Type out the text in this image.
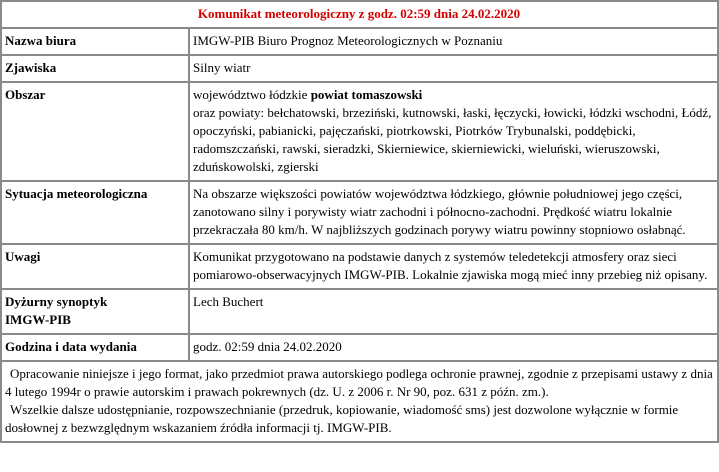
Komunikat meteorologiczny z godz. 02:59 dnia 24.02.2020	
Nazwa biura	IMGW-PIB Biuro Prognoz Meteorologicznych w Poznaniu
Zjawiska	Silny wiatr
Obszar	województwo łódzkie powiat tomaszowski
oraz powiaty: bełchatowski, brzeziński, kutnowski, łaski, łęczycki, łowicki, łódzki wschodni, Łódź, opoczyński, pabianicki, pajęczański, piotrkowski, Piotrków Trybunalski, poddębicki, radomszczański, rawski, sieradzki, Skierniewice, skierniewicki, wieluński, wieruszowski, zduńskowolski, zgierski

Sytuacja meteorologiczna	Na obszarze większości powiatów województwa łódzkiego, głównie południowej jego części, zanotowano silny i porywisty wiatr zachodni i północno-zachodni. Prędkość wiatru lokalnie przekraczała 80 km/h. W najbliższych godzinach porywy wiatru powinny stopniowo osłabnąć.
Uwagi	Komunikat przygotowano na podstawie danych z systemów teledetekcji atmosfery oraz sieci pomiarowo-obserwacyjnych IMGW-PIB. Lokalnie zjawiska mogą mieć inny przebieg niż opisany.

Dyżurny synoptyk
IMGW-PIB	Lech Buchert
Godzina i data wydania	godz. 02:59 dnia 24.02.2020

Opracowanie niniejsze i jego format, jako przedmiot prawa autorskiego podlega ochronie prawnej, zgodnie z przepisami ustawy z dnia 4 lutego 1994r o prawie autorskim i prawach pokrewnych (dz. U. z 2006 r. Nr 90, poz. 631 z późn. zm.).
Wszelkie dalsze udostępnianie, rozpowszechnianie (przedruk, kopiowanie, wiadomość sms) jest dozwolone wyłącznie w formie dosłownej z bezwzględnym wskazaniem źródła informacji tj. IMGW-PIB.	
